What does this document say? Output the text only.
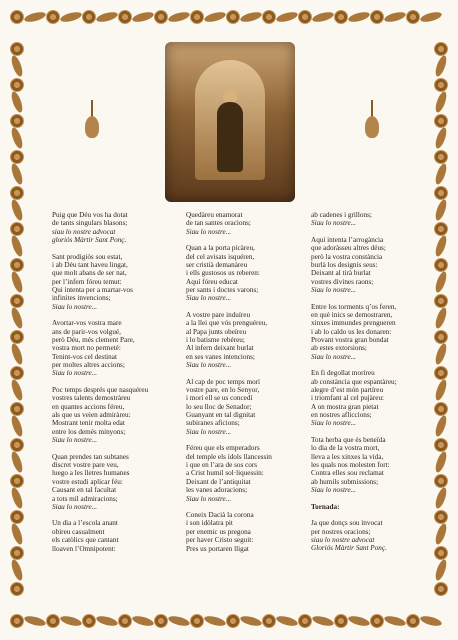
Puig que Déu vos ha dotat
de tants singulars blasons;

siau lo nostre advocat
gloriós Màrtir Sant Ponç.

Sant prodigiós sou estat,
i ab Déu tant haveu lingat,
que molt abans de ser nat,
per l’infern fóreu temut:
Qui intenta per a martar-vos
infinites invencions;

Siau lo nostre...

Avortar-vos vostra mare
ans de parir-vos volgué,
però Déu, més clement Pare,
vostra mort no permeté:
Tenint-vos cel destinat
per moltes altres accions;

Siau lo nostre...

Poc temps després que nasquéreu
vostres talents demostràreu
en quantes accions féreu,
als que us veien admiràreu:
Mostrant tenir molta edat
entre los demés minyons;

Siau lo nostre...

Quan prendes tan subtanes
discret vostre pare veu,
luego a les lletres humanes
vostre estudi aplicar féu:
Causant en tal facultat
a tots mil admiracions;

Siau lo nostre...

Un dia a l’escola anant
obireu casualment
els catòlics que cantant
lloaven l’Omnipotent:

Quedàreu enamorat
de tan santes oracions;

Siau lo nostre...

Quan a la porta picàreu,
del cel avisats isquéren,
ser cristià demanàreu
i ells gustosos us reberen:
Aquí fóreu educat
per sants i doctes varons;

Siau lo nostre...

A vostre pare induíreu
a la llei que vós prenguéreu,
al Papa junts obeíreu
i lo batisme rebéreu;
Al infern deixant burlat
en ses vanes intencions;

Siau lo nostre...

Al cap de poc temps morí
vostre pare, en lo Senyor,
i morí ell se us concedí
lo seu lloc de Senador;
Guanyant en tal dignitat
subiranes aficions;

Siau lo nostre...

Féreu que els emperadors
del temple els ídols llancessin
i que en l’ara de sos cors
a Crist humil sol·liquessin:
Deixant de l’antiquitat
les vanes adoracions;

Siau lo nostre...

Coneix Dacià la corona
i son idòlatra pit
per enemic us pregona
per haver Cristo seguit:
Pres us portaren lligat

ab cadenes i grillons;

Siau lo nostre...

Aquí intenta l’arrogància
que adoràsseu altres déus;
però la vostra constància
burlà los designis seus:
Deixant al tirà burlat
vostres divines raons;

Siau lo nostre...

Entre los torments q’os feren,
en què inics se demostraren,
xinxes immundes prengueren
i ab lo caldo us les donaren:
Provant vostra gran bondat
ab estes extorsions;

Siau lo nostre...

En fi degollat moríreu
ab constància que espantàreu;
alegre d’est món partíreu
i triomfant al cel pujàreu:
A on mostra gran pietat
en nostres afliccions;

Siau lo nostre...

Tota herba que és beneïda
lo dia de la vostra mort,
lleva a les xinxes la vida,
les quals nos molesten fort:
Contra elles sou reclamat
ab humils submissions;

Siau lo nostre...

Tornada:

Ja que donçs sou invocat
per nostres oracions;

siau lo nostre advocat
Gloriós Màrtir Sant Ponç.
